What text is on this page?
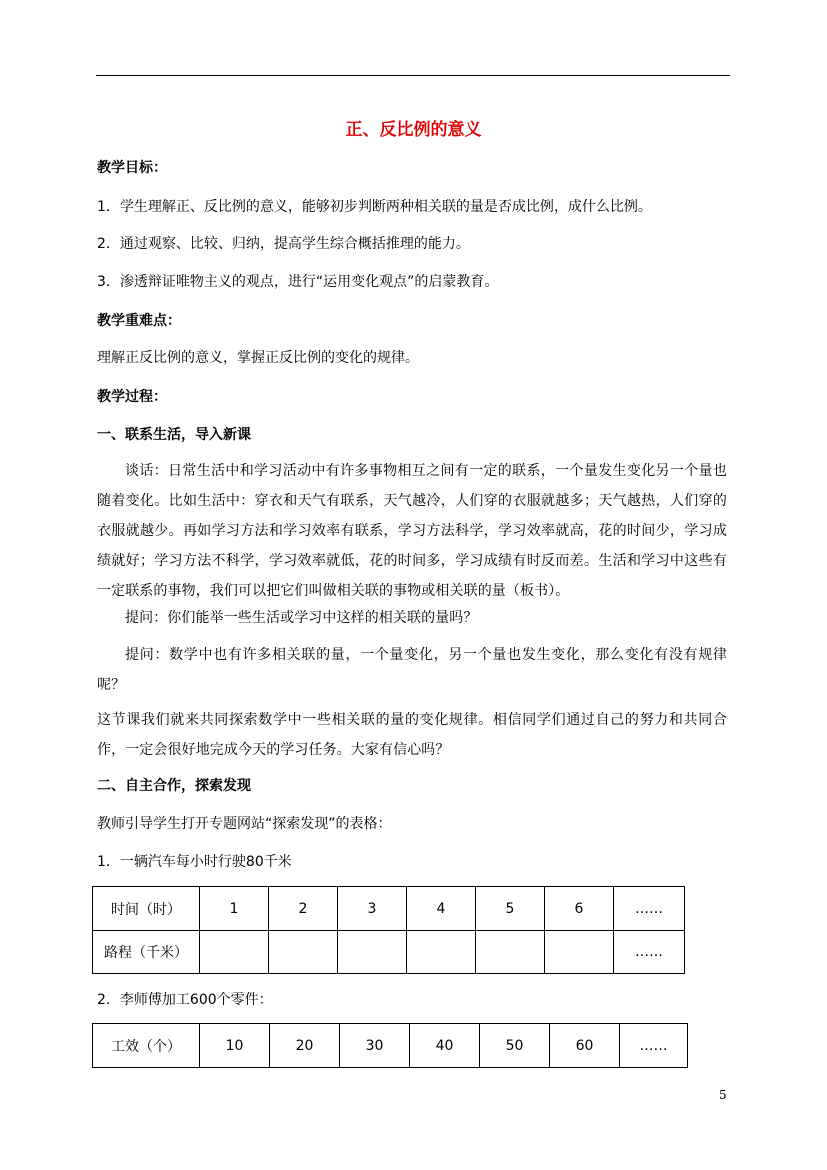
正、反比例的意义
教学目标：
1．学生理解正、反比例的意义，能够初步判断两种相关联的量是否成比例，成什么比例。
2．通过观察、比较、归纳，提高学生综合概括推理的能力。
3．渗透辩证唯物主义的观点，进行“运用变化观点”的启蒙教育。
教学重难点：
理解正反比例的意义，掌握正反比例的变化的规律。
教学过程：
一、联系生活，导入新课
谈话：日常生活中和学习活动中有许多事物相互之间有一定的联系，一个量发生变化另一个量也随着变化。比如生活中：穿衣和天气有联系，天气越冷，人们穿的衣服就越多；天气越热，人们穿的衣服就越少。再如学习方法和学习效率有联系，学习方法科学，学习效率就高，花的时间少，学习成绩就好；学习方法不科学，学习效率就低，花的时间多，学习成绩有时反而差。生活和学习中这些有一定联系的事物，我们可以把它们叫做相关联的事物或相关联的量（板书）。
提问：你们能举一些生活或学习中这样的相关联的量吗？
提问：数学中也有许多相关联的量，一个量变化，另一个量也发生变化，那么变化有没有规律呢？
这节课我们就来共同探索数学中一些相关联的量的变化规律。相信同学们通过自己的努力和共同合作，一定会很好地完成今天的学习任务。大家有信心吗？
二、自主合作，探索发现
教师引导学生打开专题网站“探索发现”的表格：
1．一辆汽车每小时行驶80千米
时间（时）	1	2	3	4	5	6	……
路程（千米）							……
2．李师傅加工600个零件：
工效（个）	10	20	30	40	50	60	……
5
